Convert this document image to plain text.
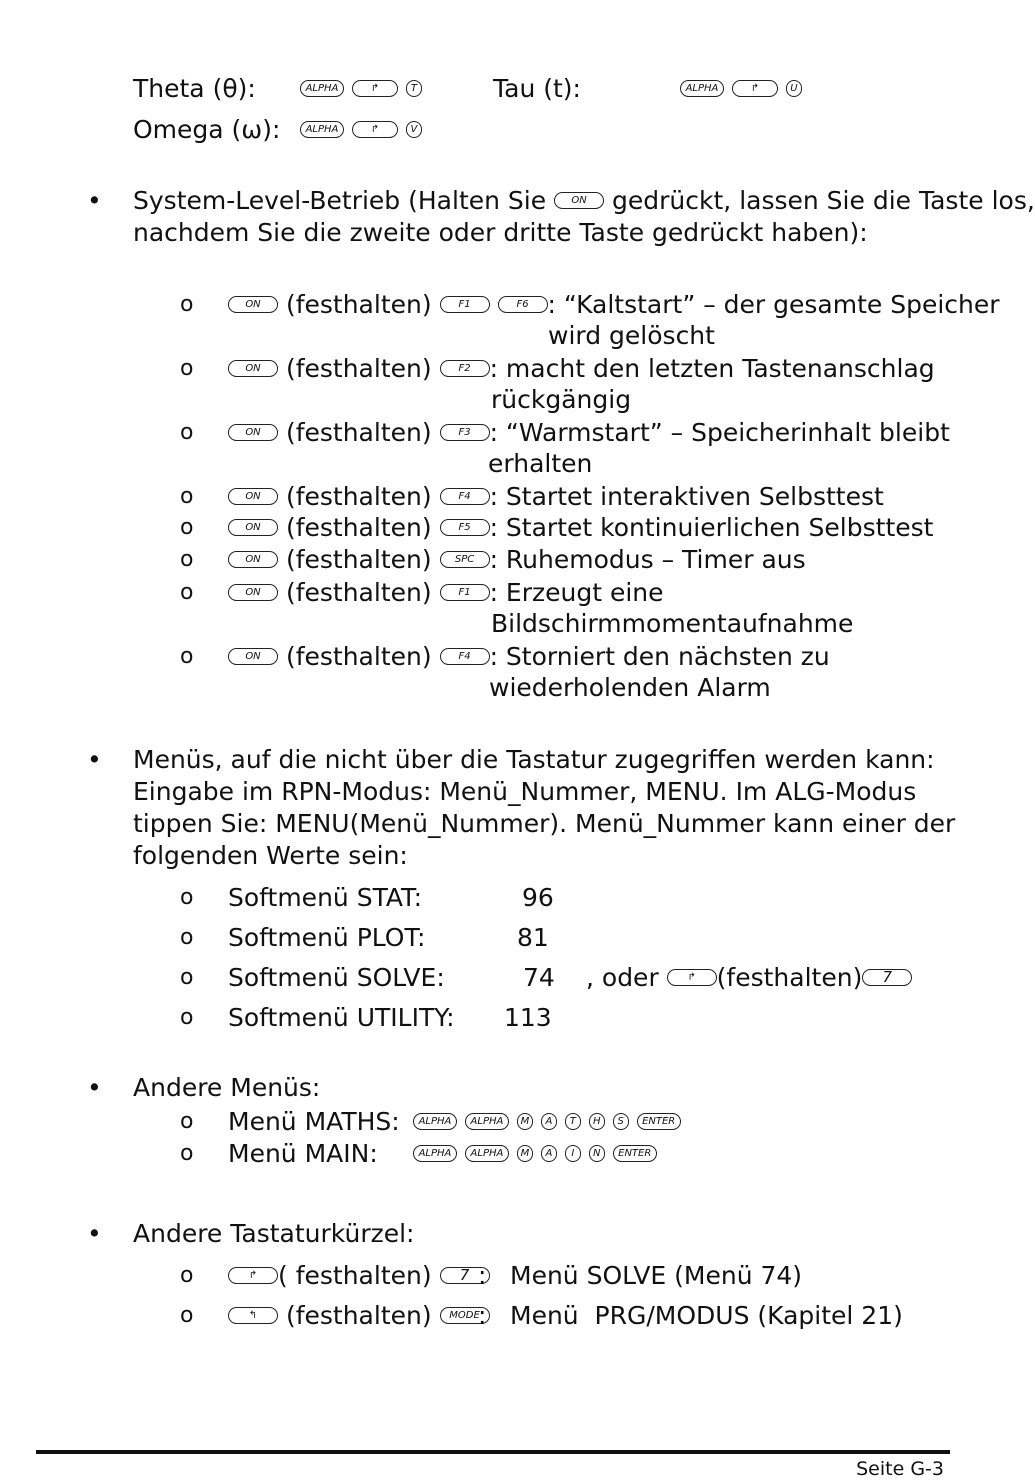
Theta (θ):	ALPHA	↱	T	Tau (t):	ALPHA	↱	U
Omega (ω):	ALPHA	↱	V
• System-Level-Betrieb (Halten Sie	ON gedrückt, lassen Sie die Taste los,
nachdem Sie die zweite oder dritte Taste gedrückt haben):
o	ON (festhalten)	F1	F6 : “Kaltstart” – der gesamte Speicher
wird gelöscht
o	ON (festhalten)	F2 : macht den letzten Tastenanschlag
rückgängig
o	ON (festhalten)	F3 : “Warmstart” – Speicherinhalt bleibt
erhalten
o	ON (festhalten)	F4 : Startet interaktiven Selbsttest
o	ON (festhalten)	F5 : Startet kontinuierlichen Selbsttest
o	ON (festhalten) SPC : Ruhemodus – Timer aus
o	ON (festhalten)	F1 : Erzeugt eine
Bildschirmmomentaufnahme
o	ON (festhalten)	F4 : Storniert den nächsten zu
wiederholenden Alarm
• Menüs, auf die nicht über die Tastatur zugegriffen werden kann:
Eingabe im RPN-Modus: Menü_Nummer, MENU. Im ALG-Modus
tippen Sie: MENU(Menü_Nummer). Menü_Nummer kann einer der
folgenden Werte sein:
o Softmenü STAT:	96
o Softmenü PLOT:	81
o Softmenü SOLVE:	74 , oder	↱ (festhalten) 7
o Softmenü UTILITY: 113
• Andere Menüs:
o Menü MATHS:	ALPHA ALPHA M A T H S ENTER
o Menü MAIN:	ALPHA ALPHA M A I N ENTER
• Andere Tastaturkürzel:
o	↱ ( festhalten) 7 : Menü SOLVE (Menü 74)
o	↰ (festhalten) MODE
: Menü  PRG/MODUS (Kapitel 21)
Seite G-3
